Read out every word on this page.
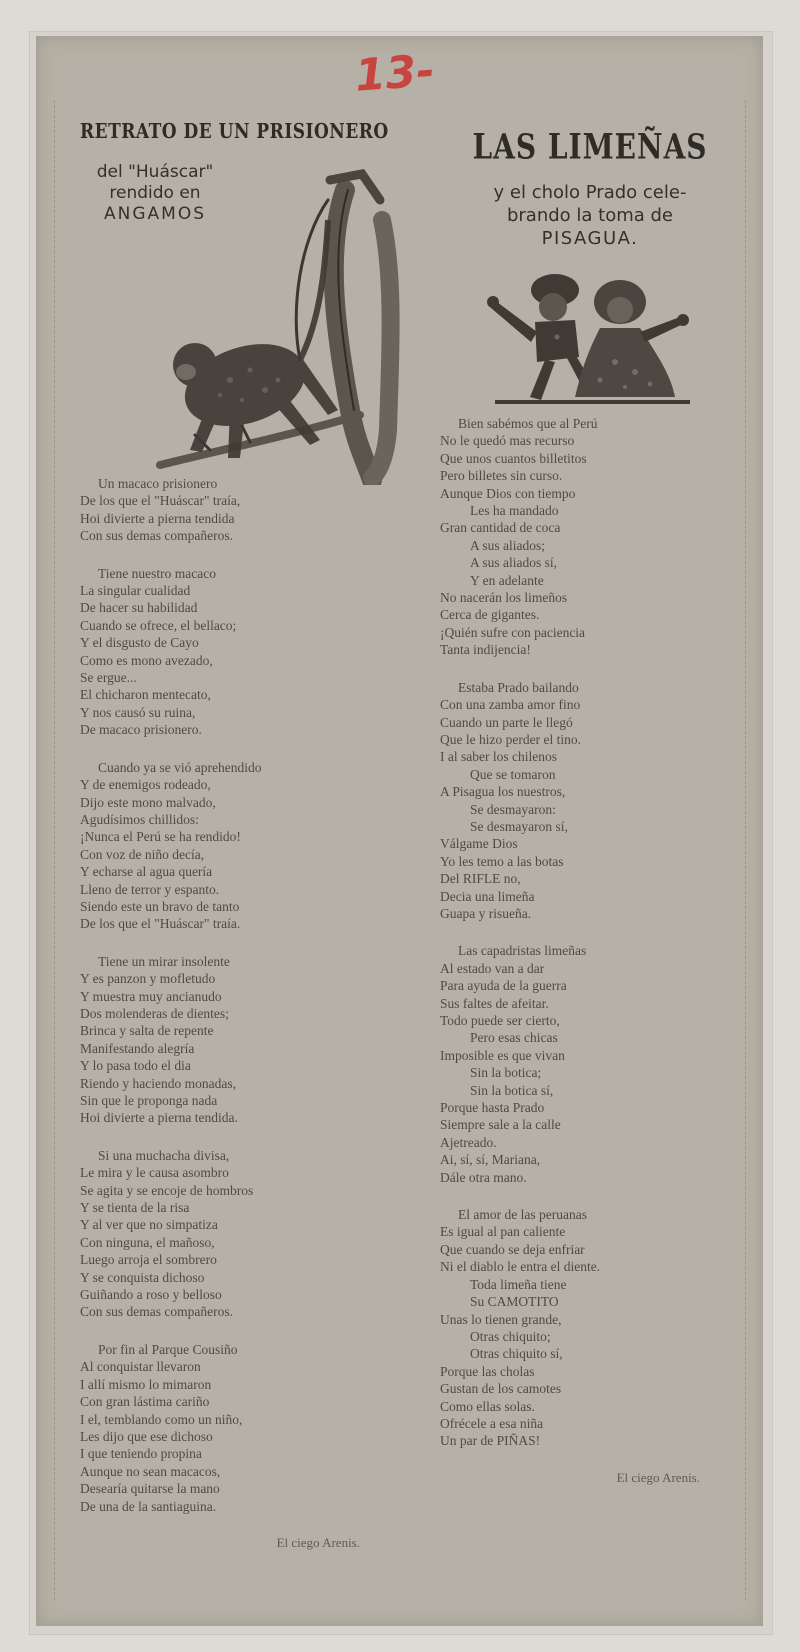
13-
RETRATO DE UN PRISIONERO
del "Huáscar"
rendido en
ANGAMOS
Un macaco prisionero
De los que el "Huáscar" traía,
Hoi divierte a pierna tendida
Con sus demas compañeros.
Tiene nuestro macaco
La singular cualidad
De hacer su habilidad
Cuando se ofrece, el bellaco;
Y el disgusto de Cayo
Como es mono avezado,
Se ergue...
El chicharon mentecato,
Y nos causó su ruina,
De macaco prisionero.
Cuando ya se vió aprehendido
Y de enemigos rodeado,
Dijo este mono malvado,
Agudísimos chillidos:
¡Nunca el Perú se ha rendido!
Con voz de niño decía,
Y echarse al agua quería
Lleno de terror y espanto.
Siendo este un bravo de tanto
De los que el "Huáscar" traía.
Tiene un mirar insolente
Y es panzon y mofletudo
Y muestra muy ancianudo
Dos molenderas de dientes;
Brinca y salta de repente
Manifestando alegría
Y lo pasa todo el dia
Riendo y haciendo monadas,
Sin que le proponga nada
Hoi divierte a pierna tendida.
Si una muchacha divisa,
Le mira y le causa asombro
Se agita y se encoje de hombros
Y se tienta de la risa
Y al ver que no simpatiza
Con ninguna, el mañoso,
Luego arroja el sombrero
Y se conquista dichoso
Guiñando a roso y belloso
Con sus demas compañeros.
Por fin al Parque Cousiño
Al conquistar llevaron
I allí mismo lo mimaron
Con gran lástima cariño
I el, temblando como un niño,
Les dijo que ese dichoso
I que teniendo propina
Aunque no sean macacos,
Desearía quitarse la mano
De una de la santiaguina.
El ciego Arenis.
LAS LIMEÑAS
y el cholo Prado cele-
brando la toma de
PISAGUA.
Bien sabémos que al Perú
No le quedó mas recurso
Que unos cuantos billetitos
Pero billetes sin curso.
Aunque Dios con tiempo
Les ha mandado
Gran cantidad de coca
A sus aliados;
A sus aliados sí,
Y en adelante
No nacerán los limeños
Cerca de gigantes.
¡Quién sufre con paciencia
Tanta indijencia!
Estaba Prado bailando
Con una zamba amor fino
Cuando un parte le llegó
Que le hizo perder el tino.
I al saber los chilenos
Que se tomaron
A Pisagua los nuestros,
Se desmayaron:
Se desmayaron sí,
Válgame Dios
Yo les temo a las botas
Del RIFLE no,
Decia una limeña
Guapa y risueña.
Las capadristas limeñas
Al estado van a dar
Para ayuda de la guerra
Sus faltes de afeitar.
Todo puede ser cierto,
Pero esas chicas
Imposible es que vivan
Sin la botica;
Sin la botica sí,
Porque hasta Prado
Siempre sale a la calle
Ajetreado.
Ai, sí, sí, Mariana,
Dále otra mano.
El amor de las peruanas
Es igual al pan caliente
Que cuando se deja enfriar
Ni el diablo le entra el diente.
Toda limeña tiene
Su CAMOTITO
Unas lo tienen grande,
Otras chiquito;
Otras chiquito sí,
Porque las cholas
Gustan de los camotes
Como ellas solas.
Ofrécele a esa niña
Un par de PIÑAS!
El ciego Arenis.
